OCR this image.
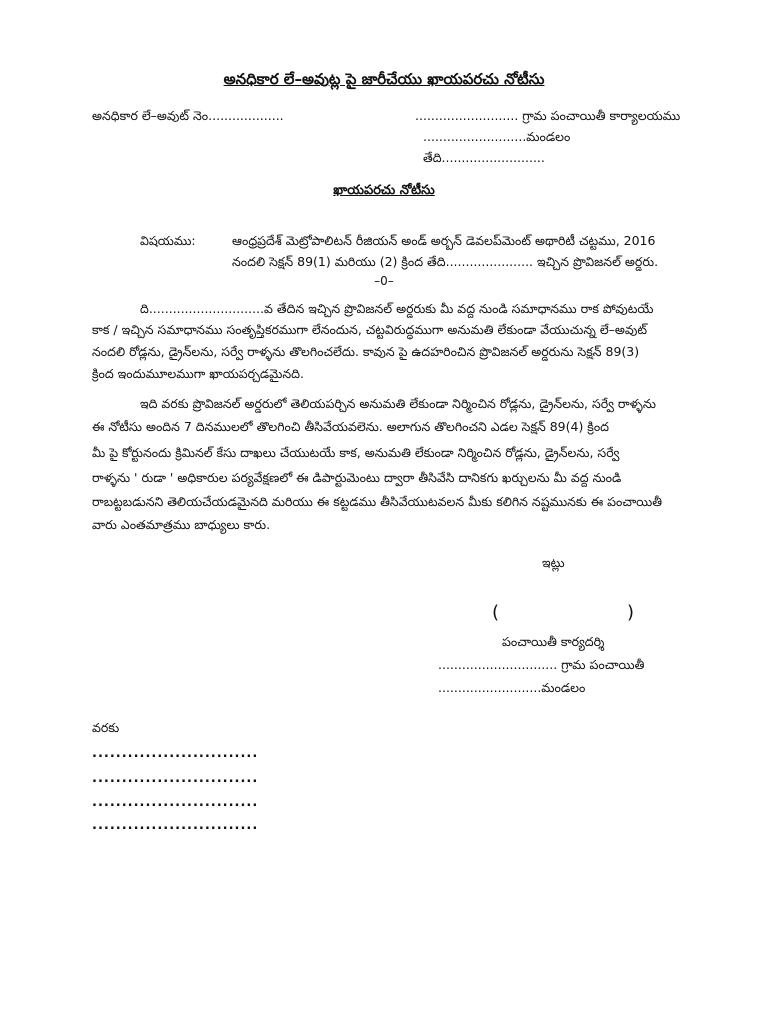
అనధికార లే–అవుట్ల పై జారీచేయు ఖాయపరచు నోటీసు
అనధికార లే–అవుట్ నెం...................	.......................... గ్రామ పంచాయితీ కార్యాలయము
..........................మండలం
తేది..........................
ఖాయపరచు నోటీసు
విషయము:	ఆంధ్రప్రదేశ్ మెట్రోపాలిటన్ రీజియన్ అండ్ అర్బన్ డెవలప్‌మెంట్ అథారిటీ చట్టము, 2016
నందలి సెక్షన్ 89(1) మరియు (2) క్రింద తేది...................... ఇచ్చిన ప్రొవిజనల్ అర్డరు.
–0–
ది.............................వ తేదిన ఇచ్చిన ప్రొవిజనల్ అర్డరుకు మీ వద్ద నుండి సమాధానము రాక పోవుటయే
కాక / ఇచ్చిన సమాధానము సంతృప్తికరముగా లేనందున, చట్టవిరుద్ధముగా అనుమతి లేకుండా వేయుచున్న లే–అవుట్
నందలి రోడ్లను, డ్రైన్‌లను, సర్వే రాళ్ళను తొలగించలేదు. కావున పై ఉదహరించిన ప్రొవిజనల్ అర్డరును సెక్షన్ 89(3)
క్రింద ఇందుమూలముగా ఖాయపర్చడమైనది.
ఇది వరకు ప్రొవిజనల్ అర్డరులో తెలియపర్చిన అనుమతి లేకుండా నిర్మించిన రోడ్లను, డ్రైన్‌లను, సర్వే రాళ్ళను
ఈ నోటీసు అందిన 7 దినములలో తొలగించి తీసివేయవలెను. అలాగున తొలగించని ఎడల సెక్షన్ 89(4) క్రింద
మీ పై కోర్టునందు క్రిమినల్ కేసు దాఖలు చేయుటయే కాక, అనుమతి లేకుండా నిర్మించిన రోడ్లను, డ్రైన్‌లను, సర్వే
రాళ్ళను ' రుడా ' అధికారుల పర్యవేక్షణలో ఈ డిపార్టుమెంటు ద్వారా తీసివేసి దానికగు ఖర్చులను మీ వద్ద నుండి
రాబట్టబడునని తెలియచేయడమైనది మరియు ఈ కట్టడము తీసివేయుటవలన మీకు కలిగిన నష్టమునకు ఈ పంచాయితీ
వారు ఎంతమాత్రము బాధ్యులు కారు.
ఇట్లు
(	)
పంచాయితీ కార్యదర్శి
.............................. గ్రామ పంచాయితీ
..........................మండలం
వరకు
............................
............................
............................
............................
